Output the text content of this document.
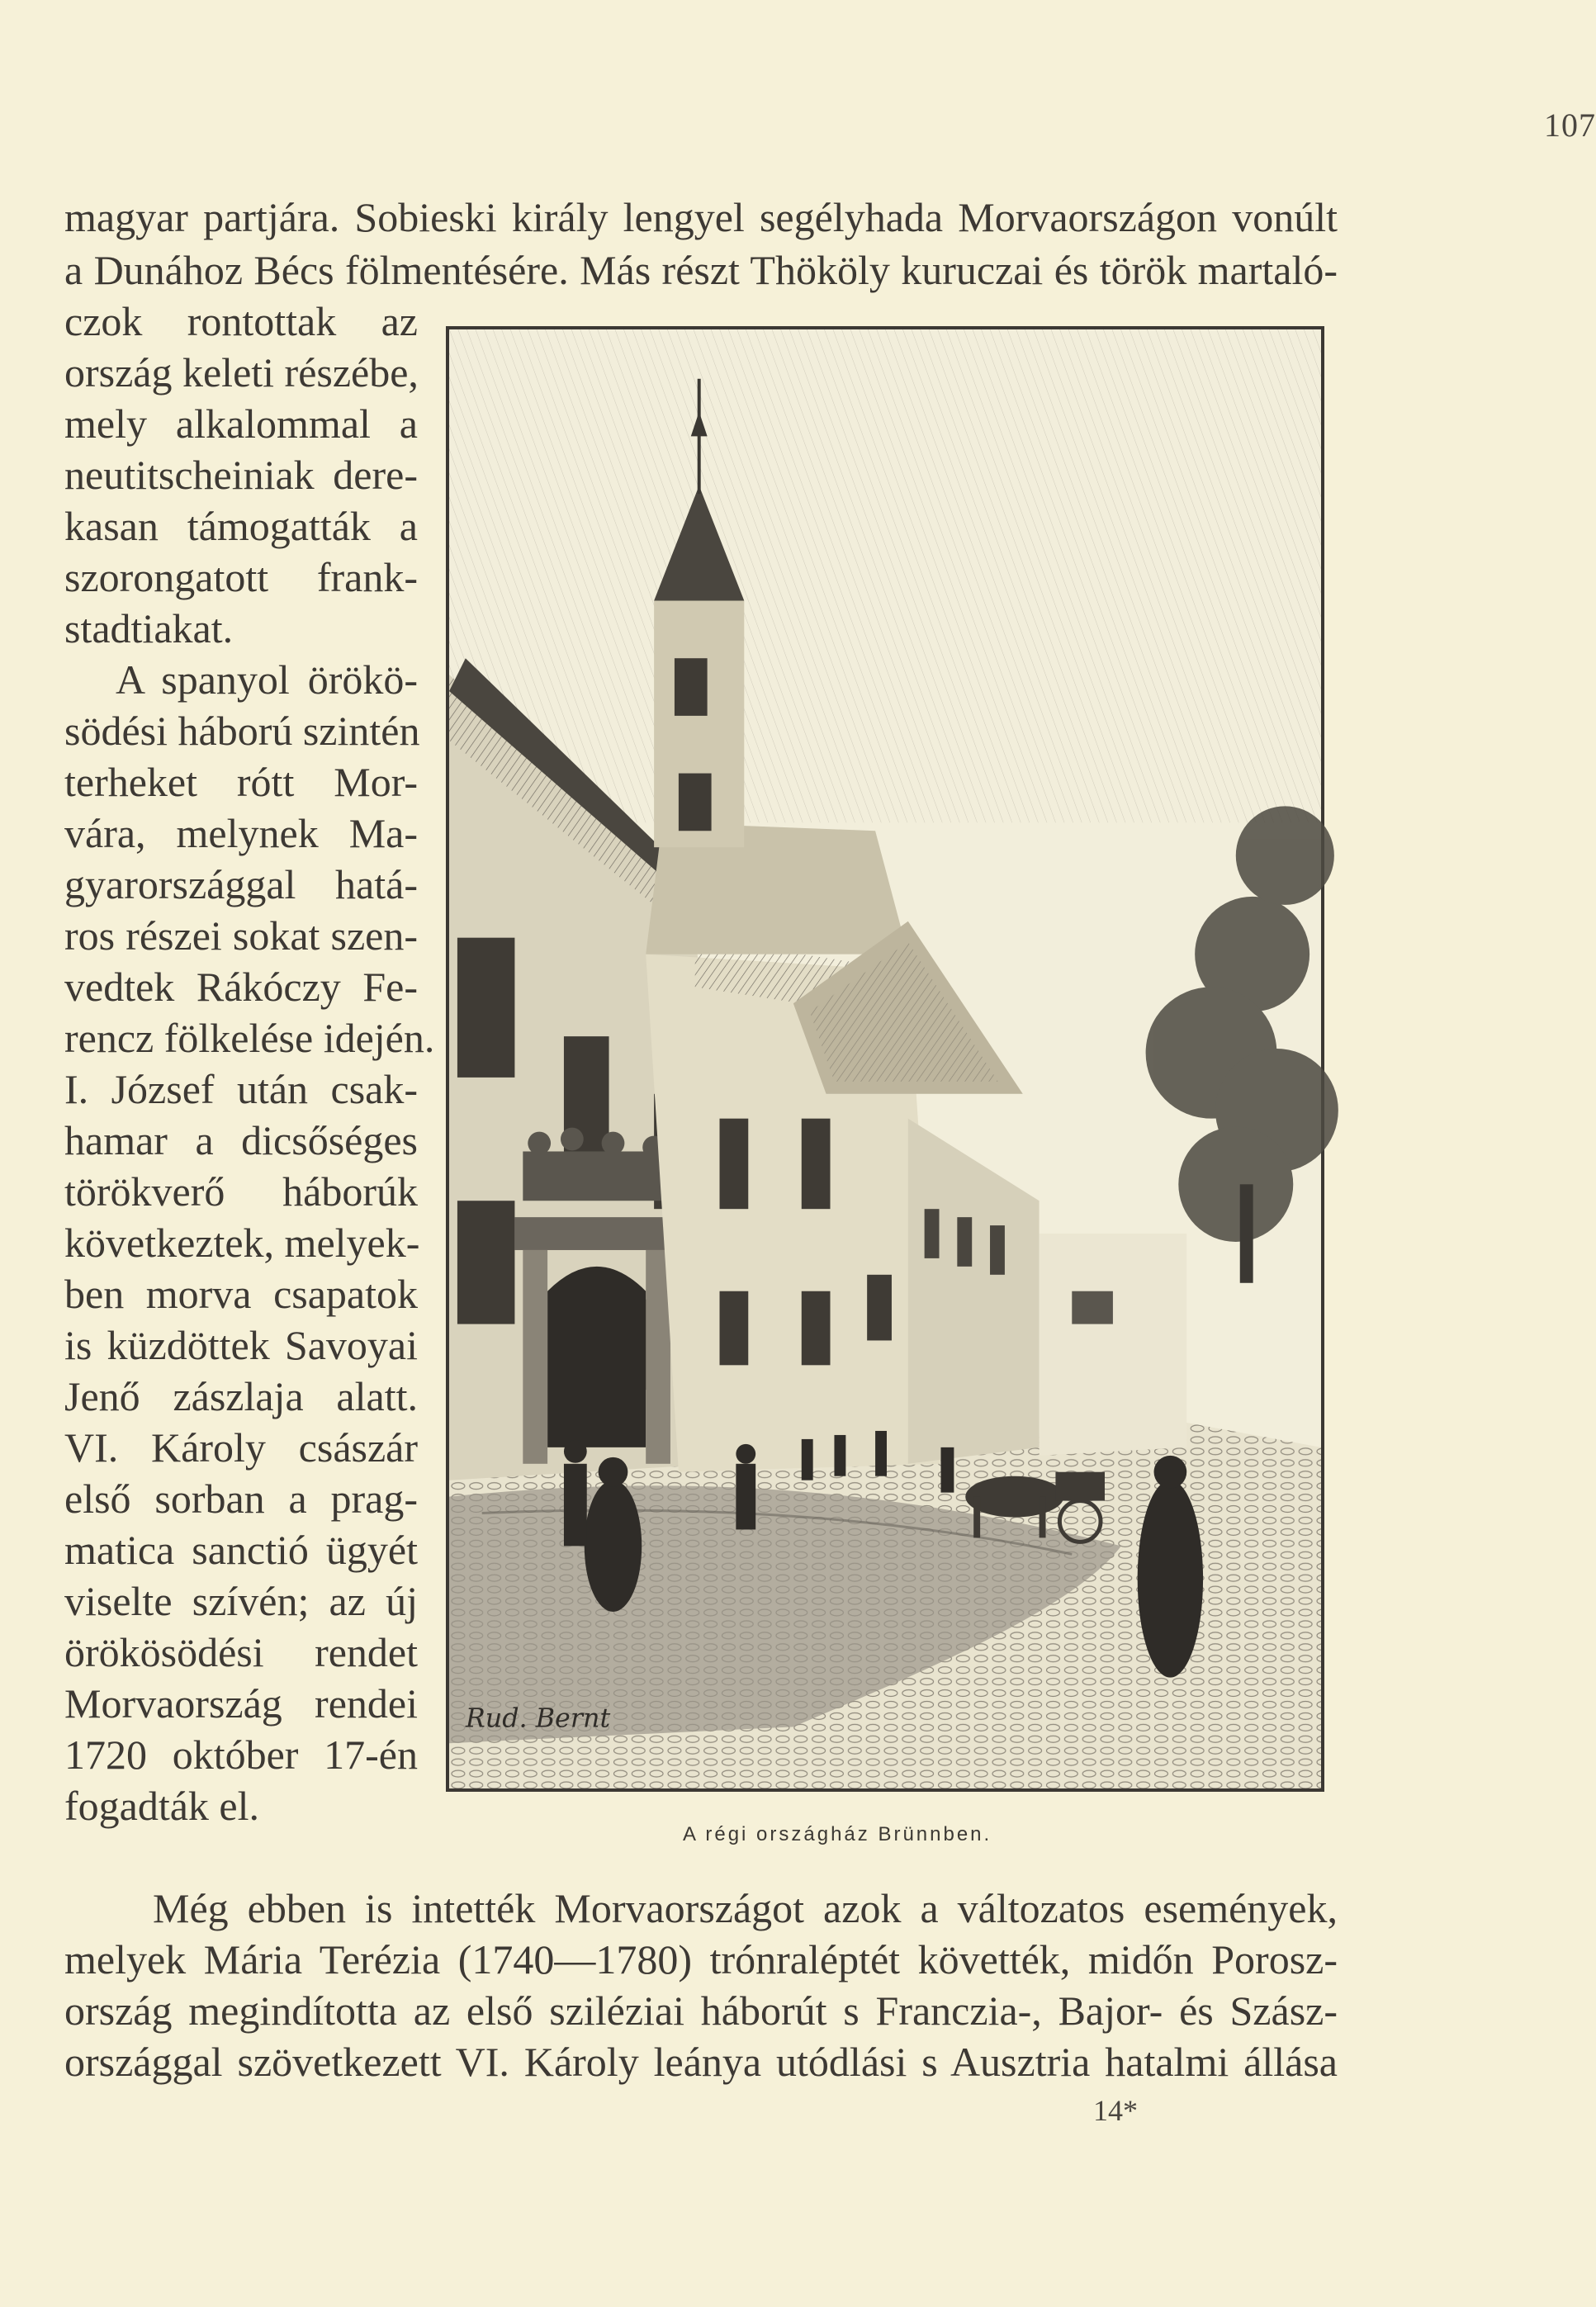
107
magyar partjára. Sobieski király lengyel segélyhada Morvaországon vonúlt
a Dunához Bécs fölmentésére. Más részt Thököly kuruczai és török martaló-
czok rontottak az
ország keleti részébe,
mely alkalommal a
neutitscheiniak dere-
kasan támogatták a
szorongatott frank-
stadtiakat.
A spanyol örökö-
södési háború szintén
terheket rótt Mor-
vára, melynek Ma-
gyarországgal hatá-
ros részei sokat szen-
vedtek Rákóczy Fe-
rencz fölkelése idején.
I. József után csak-
hamar a dicsőséges
törökverő háborúk
következtek, melyek-
ben morva csapatok
is küzdöttek Savoyai
Jenő zászlaja alatt.
VI. Károly császár
első sorban a prag-
matica sanctió ügyét
viselte szívén; az új
örökösödési rendet
Morvaország rendei
1720 október 17-én
fogadták el.
Rud. Bernt
A régi országház Brünnben.
Még ebben is intették Morvaországot azok a változatos események,
melyek Mária Terézia (1740—1780) trónraléptét követték, midőn Porosz-
ország megindította az első sziléziai háborút s Franczia-, Bajor- és Szász-
országgal szövetkezett VI. Károly leánya utódlási s Ausztria hatalmi állása
14*
